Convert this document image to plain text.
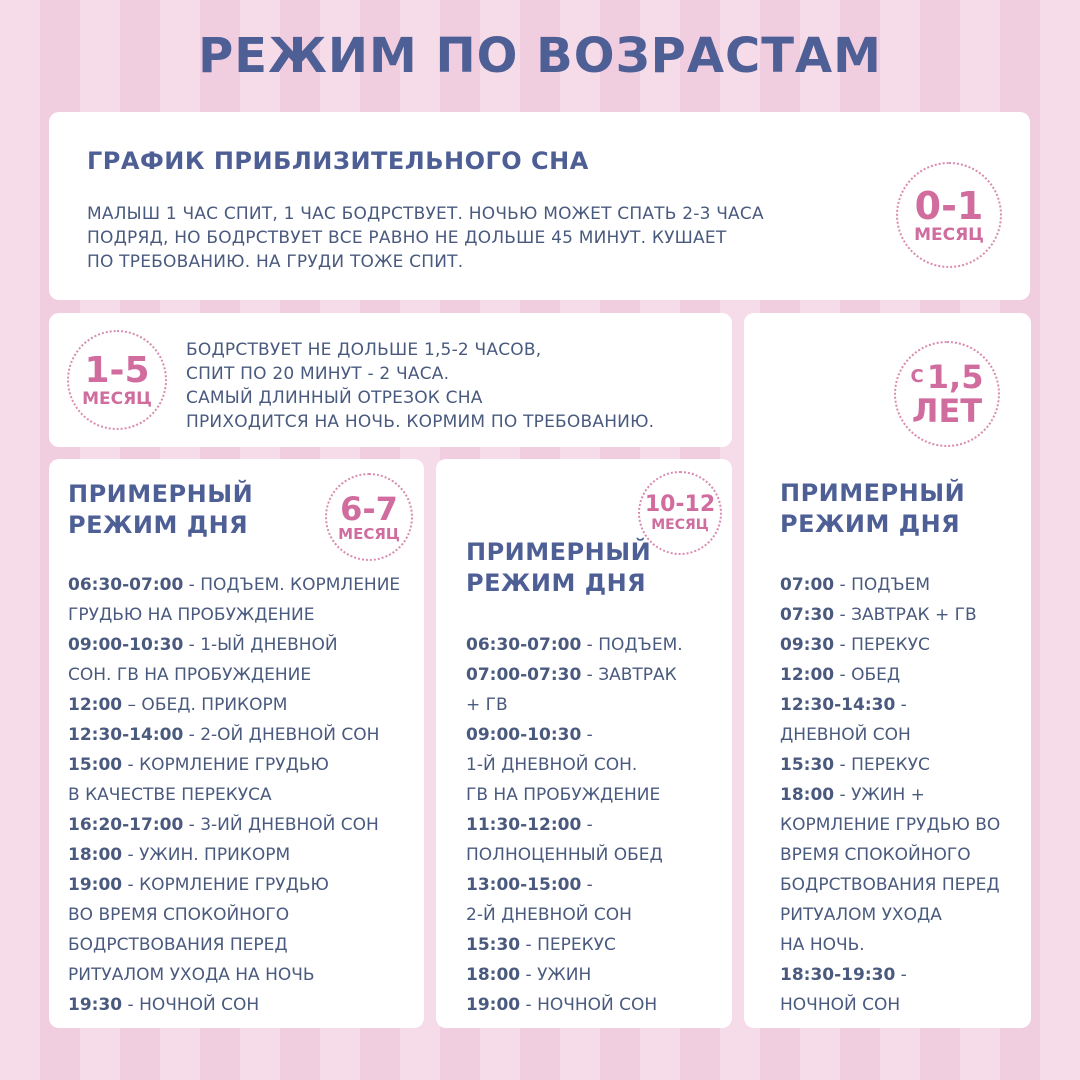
РЕЖИМ ПО ВОЗРАСТАМ
ГРАФИК ПРИБЛИЗИТЕЛЬНОГО СНА
МАЛЫШ 1 ЧАС СПИТ, 1 ЧАС БОДРСТВУЕТ. НОЧЬЮ МОЖЕТ СПАТЬ 2-3 ЧАСА
ПОДРЯД, НО БОДРСТВУЕТ ВСЕ РАВНО НЕ ДОЛЬШЕ 45 МИНУТ. КУШАЕТ
ПО ТРЕБОВАНИЮ. НА ГРУДИ ТОЖЕ СПИТ.
0-1
МЕСЯЦ
1-5
МЕСЯЦ
БОДРСТВУЕТ НЕ ДОЛЬШЕ 1,5-2 ЧАСОВ,
СПИТ ПО 20 МИНУТ - 2 ЧАСА.
САМЫЙ ДЛИННЫЙ ОТРЕЗОК СНА
ПРИХОДИТСЯ НА НОЧЬ. КОРМИМ ПО ТРЕБОВАНИЮ.
ПРИМЕРНЫЙ
РЕЖИМ ДНЯ	6-7
МЕСЯЦ
06:30-07:00 - ПОДЪЕМ. КОРМЛЕНИЕ
ГРУДЬЮ НА ПРОБУЖДЕНИЕ
09:00-10:30 - 1-ЫЙ ДНЕВНОЙ
СОН. ГВ НА ПРОБУЖДЕНИЕ
12:00 – ОБЕД. ПРИКОРМ
12:30-14:00 - 2-ОЙ ДНЕВНОЙ СОН
15:00 - КОРМЛЕНИЕ ГРУДЬЮ
В КАЧЕСТВЕ ПЕРЕКУСА
16:20-17:00 - 3-ИЙ ДНЕВНОЙ СОН
18:00 - УЖИН. ПРИКОРМ
19:00 - КОРМЛЕНИЕ ГРУДЬЮ
ВО ВРЕМЯ СПОКОЙНОГО
БОДРСТВОВАНИЯ ПЕРЕД
РИТУАЛОМ УХОДА НА НОЧЬ
19:30 - НОЧНОЙ СОН
10-12
МЕСЯЦ
ПРИМЕРНЫЙ
РЕЖИМ ДНЯ
06:30-07:00 - ПОДЪЕМ.
07:00-07:30 - ЗАВТРАК
+ ГВ
09:00-10:30 -
1-Й ДНЕВНОЙ СОН.
ГВ НА ПРОБУЖДЕНИЕ
11:30-12:00 -
ПОЛНОЦЕННЫЙ ОБЕД
13:00-15:00 -
2-Й ДНЕВНОЙ СОН
15:30 - ПЕРЕКУС
18:00 - УЖИН
19:00 - НОЧНОЙ СОН
С 1,5
ЛЕТ
ПРИМЕРНЫЙ
РЕЖИМ ДНЯ
07:00 - ПОДЪЕМ
07:30 - ЗАВТРАК + ГВ
09:30 - ПЕРЕКУС
12:00 - ОБЕД
12:30-14:30 -
ДНЕВНОЙ СОН
15:30 - ПЕРЕКУС
18:00 - УЖИН +
КОРМЛЕНИЕ ГРУДЬЮ ВО
ВРЕМЯ СПОКОЙНОГО
БОДРСТВОВАНИЯ ПЕРЕД
РИТУАЛОМ УХОДА
НА НОЧЬ.
18:30-19:30 -
НОЧНОЙ СОН
